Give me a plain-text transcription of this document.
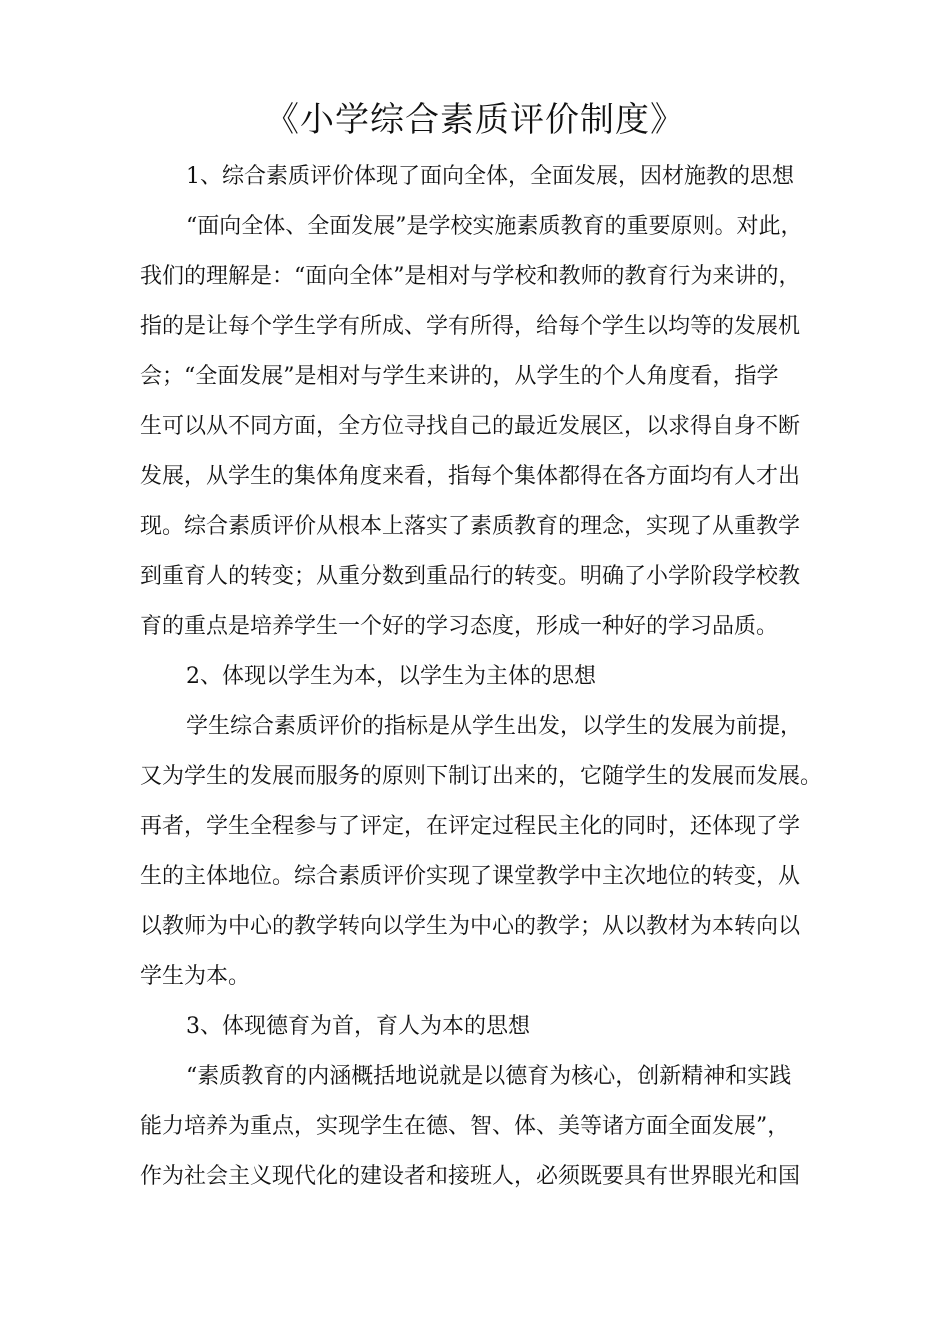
《小学综合素质评价制度》
1、综合素质评价体现了面向全体，全面发展，因材施教的思想
“面向全体、全面发展”是学校实施素质教育的重要原则。对此，
我们的理解是：“面向全体”是相对与学校和教师的教育行为来讲的，
指的是让每个学生学有所成、学有所得，给每个学生以均等的发展机
会；“全面发展”是相对与学生来讲的，从学生的个人角度看，指学
生可以从不同方面，全方位寻找自己的最近发展区，以求得自身不断
发展，从学生的集体角度来看，指每个集体都得在各方面均有人才出
现。综合素质评价从根本上落实了素质教育的理念，实现了从重教学
到重育人的转变；从重分数到重品行的转变。明确了小学阶段学校教
育的重点是培养学生一个好的学习态度，形成一种好的学习品质。
2、体现以学生为本，以学生为主体的思想
学生综合素质评价的指标是从学生出发，以学生的发展为前提，
又为学生的发展而服务的原则下制订出来的，它随学生的发展而发展。
再者，学生全程参与了评定，在评定过程民主化的同时，还体现了学
生的主体地位。综合素质评价实现了课堂教学中主次地位的转变，从
以教师为中心的教学转向以学生为中心的教学；从以教材为本转向以
学生为本。
3、体现德育为首，育人为本的思想
“素质教育的内涵概括地说就是以德育为核心，创新精神和实践
能力培养为重点，实现学生在德、智、体、美等诸方面全面发展”，
作为社会主义现代化的建设者和接班人，必须既要具有世界眼光和国
